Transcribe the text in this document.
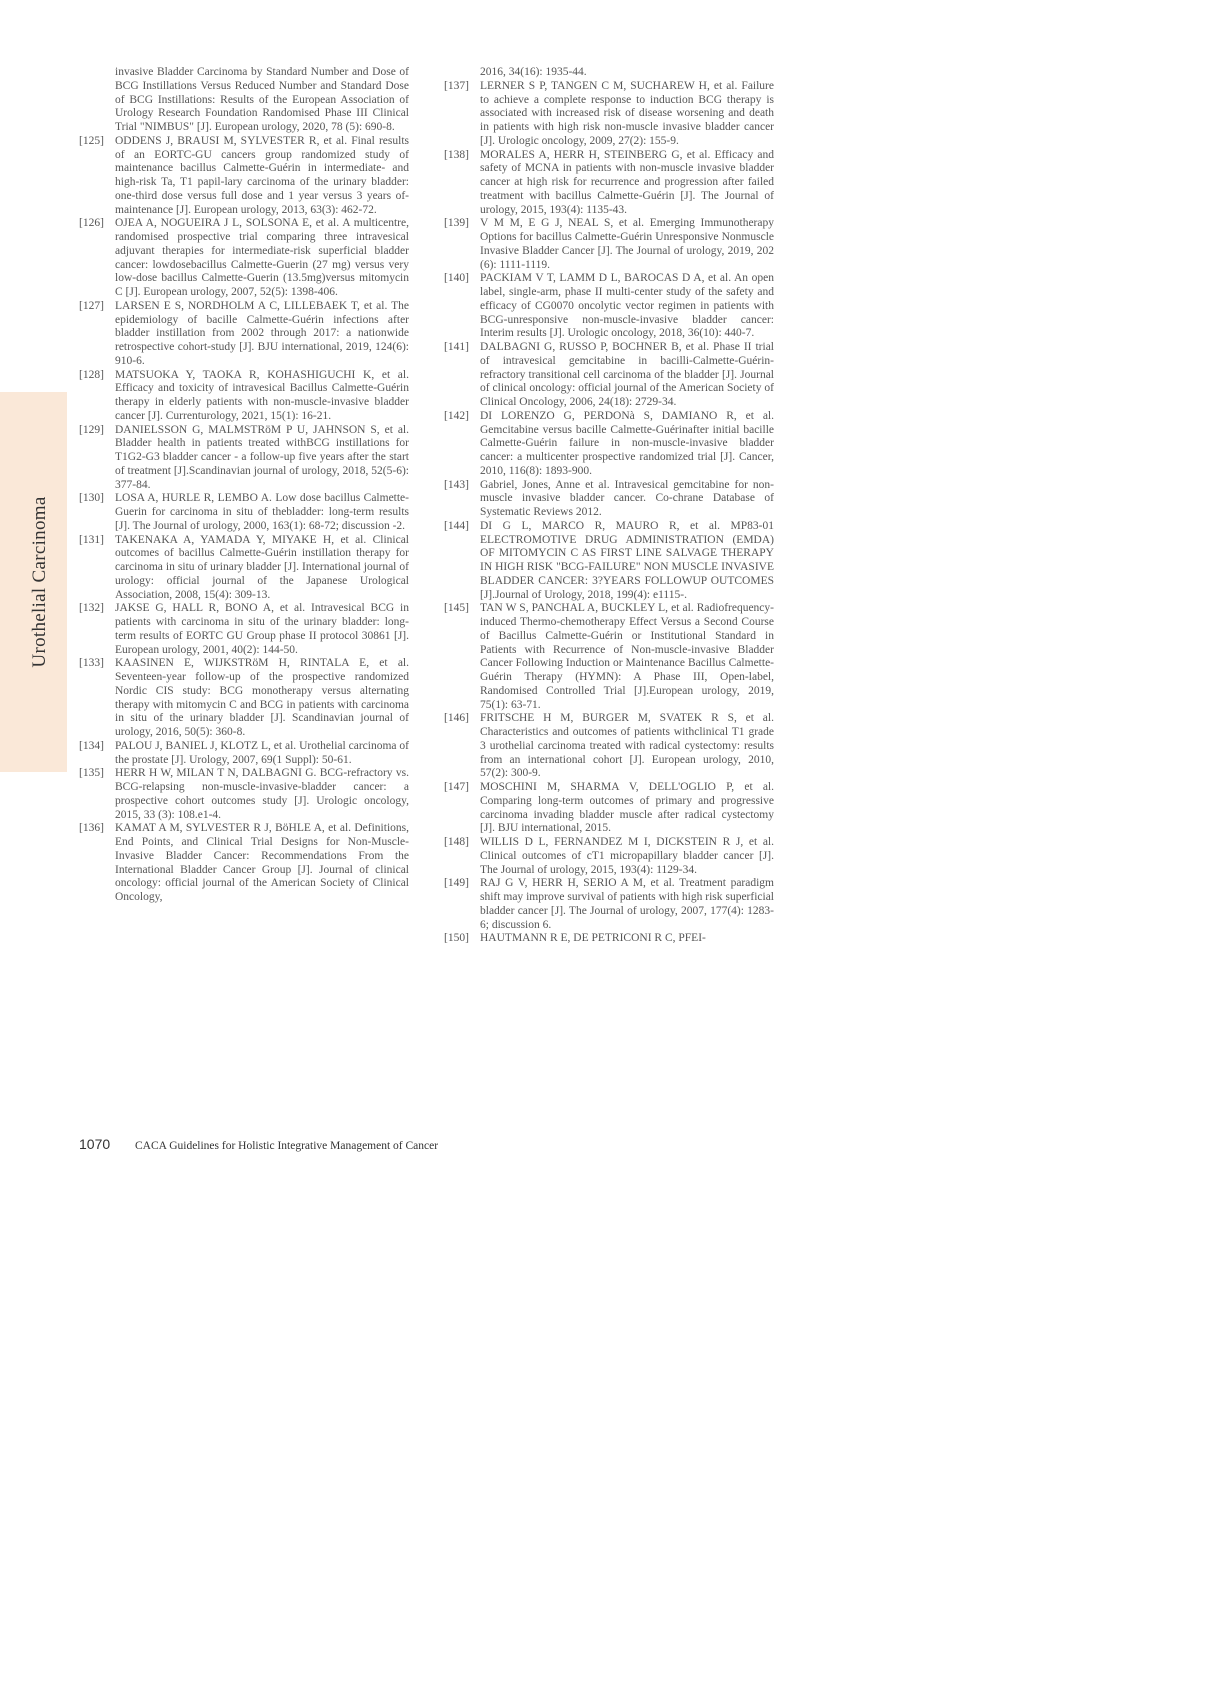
Urothelial Carcinoma

invasive Bladder Carcinoma by Standard Number and Dose of BCG Instillations Versus Reduced Number and Standard Dose of BCG Instillations: Results of the European Association of Urology Research Foundation Randomised Phase III Clinical Trial "NIMBUS" [J]. European urology, 2020, 78 (5): 690-8.

[125] ODDENS J, BRAUSI M, SYLVESTER R, et al. Final results of an EORTC-GU cancers group randomized study of maintenance bacillus Calmette-Guérin in intermediate- and high-risk Ta, T1 papil-lary carcinoma of the urinary bladder: one-third dose versus full dose and 1 year versus 3 years of-maintenance [J]. European urology, 2013, 63(3): 462-72.

[126] OJEA A, NOGUEIRA J L, SOLSONA E, et al. A multicentre, randomised prospective trial comparing three intravesical adjuvant therapies for intermediate-risk superficial bladder cancer: lowdosebacillus Calmette-Guerin (27 mg) versus very low-dose bacillus Calmette-Guerin (13.5mg)versus mitomycin C [J]. European urology, 2007, 52(5): 1398-406.

[127] LARSEN E S, NORDHOLM A C, LILLEBAEK T, et al. The epidemiology of bacille Calmette-Guérin infections after bladder instillation from 2002 through 2017: a nationwide retrospective cohort-study [J]. BJU international, 2019, 124(6): 910-6.

[128] MATSUOKA Y, TAOKA R, KOHASHIGUCHI K, et al. Efficacy and toxicity of intravesical Bacillus Calmette-Guérin therapy in elderly patients with non-muscle-invasive bladder cancer [J]. Currenturology, 2021, 15(1): 16-21.

[129] DANIELSSON G, MALMSTRöM P U, JAHNSON S, et al. Bladder health in patients treated withBCG instillations for T1G2-G3 bladder cancer - a follow-up five years after the start of treatment [J].Scandinavian journal of urology, 2018, 52(5-6): 377-84.

[130] LOSA A, HURLE R, LEMBO A. Low dose bacillus Calmette-Guerin for carcinoma in situ of thebladder: long-term results [J]. The Journal of urology, 2000, 163(1): 68-72; discussion -2.

[131] TAKENAKA A, YAMADA Y, MIYAKE H, et al. Clinical outcomes of bacillus Calmette-Guérin instillation therapy for carcinoma in situ of urinary bladder [J]. International journal of urology: official journal of the Japanese Urological Association, 2008, 15(4): 309-13.

[132] JAKSE G, HALL R, BONO A, et al. Intravesical BCG in patients with carcinoma in situ of the urinary bladder: long-term results of EORTC GU Group phase II protocol 30861 [J]. European urology, 2001, 40(2): 144-50.

[133] KAASINEN E, WIJKSTRöM H, RINTALA E, et al. Seventeen-year follow-up of the prospective randomized Nordic CIS study: BCG monotherapy versus alternating therapy with mitomycin C and BCG in patients with carcinoma in situ of the urinary bladder [J]. Scandinavian journal of urology, 2016, 50(5): 360-8.

[134] PALOU J, BANIEL J, KLOTZ L, et al. Urothelial carcinoma of the prostate [J]. Urology, 2007, 69(1 Suppl): 50-61.

[135] HERR H W, MILAN T N, DALBAGNI G. BCG-refractory vs. BCG-relapsing non-muscle-invasive-bladder cancer: a prospective cohort outcomes study [J]. Urologic oncology, 2015, 33 (3): 108.e1-4.

[136] KAMAT A M, SYLVESTER R J, BöHLE A, et al. Definitions, End Points, and Clinical Trial Designs for Non-Muscle-Invasive Bladder Cancer: Recommendations From the International Bladder Cancer Group [J]. Journal of clinical oncology: official journal of the American Society of Clinical Oncology,

2016, 34(16): 1935-44.

[137] LERNER S P, TANGEN C M, SUCHAREW H, et al. Failure to achieve a complete response to induction BCG therapy is associated with increased risk of disease worsening and death in patients with high risk non-muscle invasive bladder cancer [J]. Urologic oncology, 2009, 27(2): 155-9.

[138] MORALES A, HERR H, STEINBERG G, et al. Efficacy and safety of MCNA in patients with non-muscle invasive bladder cancer at high risk for recurrence and progression after failed treatment with bacillus Calmette-Guérin [J]. The Journal of urology, 2015, 193(4): 1135-43.

[139] V M M, E G J, NEAL S, et al. Emerging Immunotherapy Options for bacillus Calmette-Guérin Unresponsive Nonmuscle Invasive Bladder Cancer [J]. The Journal of urology, 2019, 202 (6): 1111-1119.

[140] PACKIAM V T, LAMM D L, BAROCAS D A, et al. An open label, single-arm, phase II multi-center study of the safety and efficacy of CG0070 oncolytic vector regimen in patients with BCG-unresponsive non-muscle-invasive bladder cancer: Interim results [J]. Urologic oncology, 2018, 36(10): 440-7.

[141] DALBAGNI G, RUSSO P, BOCHNER B, et al. Phase II trial of intravesical gemcitabine in bacilli-Calmette-Guérin-refractory transitional cell carcinoma of the bladder [J]. Journal of clinical oncology: official journal of the American Society of Clinical Oncology, 2006, 24(18): 2729-34.

[142] DI LORENZO G, PERDONà S, DAMIANO R, et al. Gemcitabine versus bacille Calmette-Guérinafter initial bacille Calmette-Guérin failure in non-muscle-invasive bladder cancer: a multicenter prospective randomized trial [J]. Cancer, 2010, 116(8): 1893-900.

[143] Gabriel, Jones, Anne et al. Intravesical gemcitabine for non-muscle invasive bladder cancer. Co-chrane Database of Systematic Reviews 2012.

[144] DI G L, MARCO R, MAURO R, et al. MP83-01 ELECTROMOTIVE DRUG ADMINISTRATION (EMDA) OF MITOMYCIN C AS FIRST LINE SALVAGE THERAPY IN HIGH RISK "BCG-FAILURE" NON MUSCLE INVASIVE BLADDER CANCER: 3?YEARS FOLLOWUP OUTCOMES [J].Journal of Urology, 2018, 199(4): e1115-.

[145] TAN W S, PANCHAL A, BUCKLEY L, et al. Radiofrequency-induced Thermo-chemotherapy Effect Versus a Second Course of Bacillus Calmette-Guérin or Institutional Standard in Patients with Recurrence of Non-muscle-invasive Bladder Cancer Following Induction or Maintenance Bacillus Calmette-Guérin Therapy (HYMN): A Phase III, Open-label, Randomised Controlled Trial [J].European urology, 2019, 75(1): 63-71.

[146] FRITSCHE H M, BURGER M, SVATEK R S, et al. Characteristics and outcomes of patients withclinical T1 grade 3 urothelial carcinoma treated with radical cystectomy: results from an international cohort [J]. European urology, 2010, 57(2): 300-9.

[147] MOSCHINI M, SHARMA V, DELL'OGLIO P, et al. Comparing long-term outcomes of primary and progressive carcinoma invading bladder muscle after radical cystectomy [J]. BJU international, 2015.

[148] WILLIS D L, FERNANDEZ M I, DICKSTEIN R J, et al. Clinical outcomes of cT1 micropapillary bladder cancer [J]. The Journal of urology, 2015, 193(4): 1129-34.

[149] RAJ G V, HERR H, SERIO A M, et al. Treatment paradigm shift may improve survival of patients with high risk superficial bladder cancer [J]. The Journal of urology, 2007, 177(4): 1283-6; discussion 6.

[150] HAUTMANN R E, DE PETRICONI R C, PFEI-

1070	CACA Guidelines for Holistic Integrative Management of Cancer
